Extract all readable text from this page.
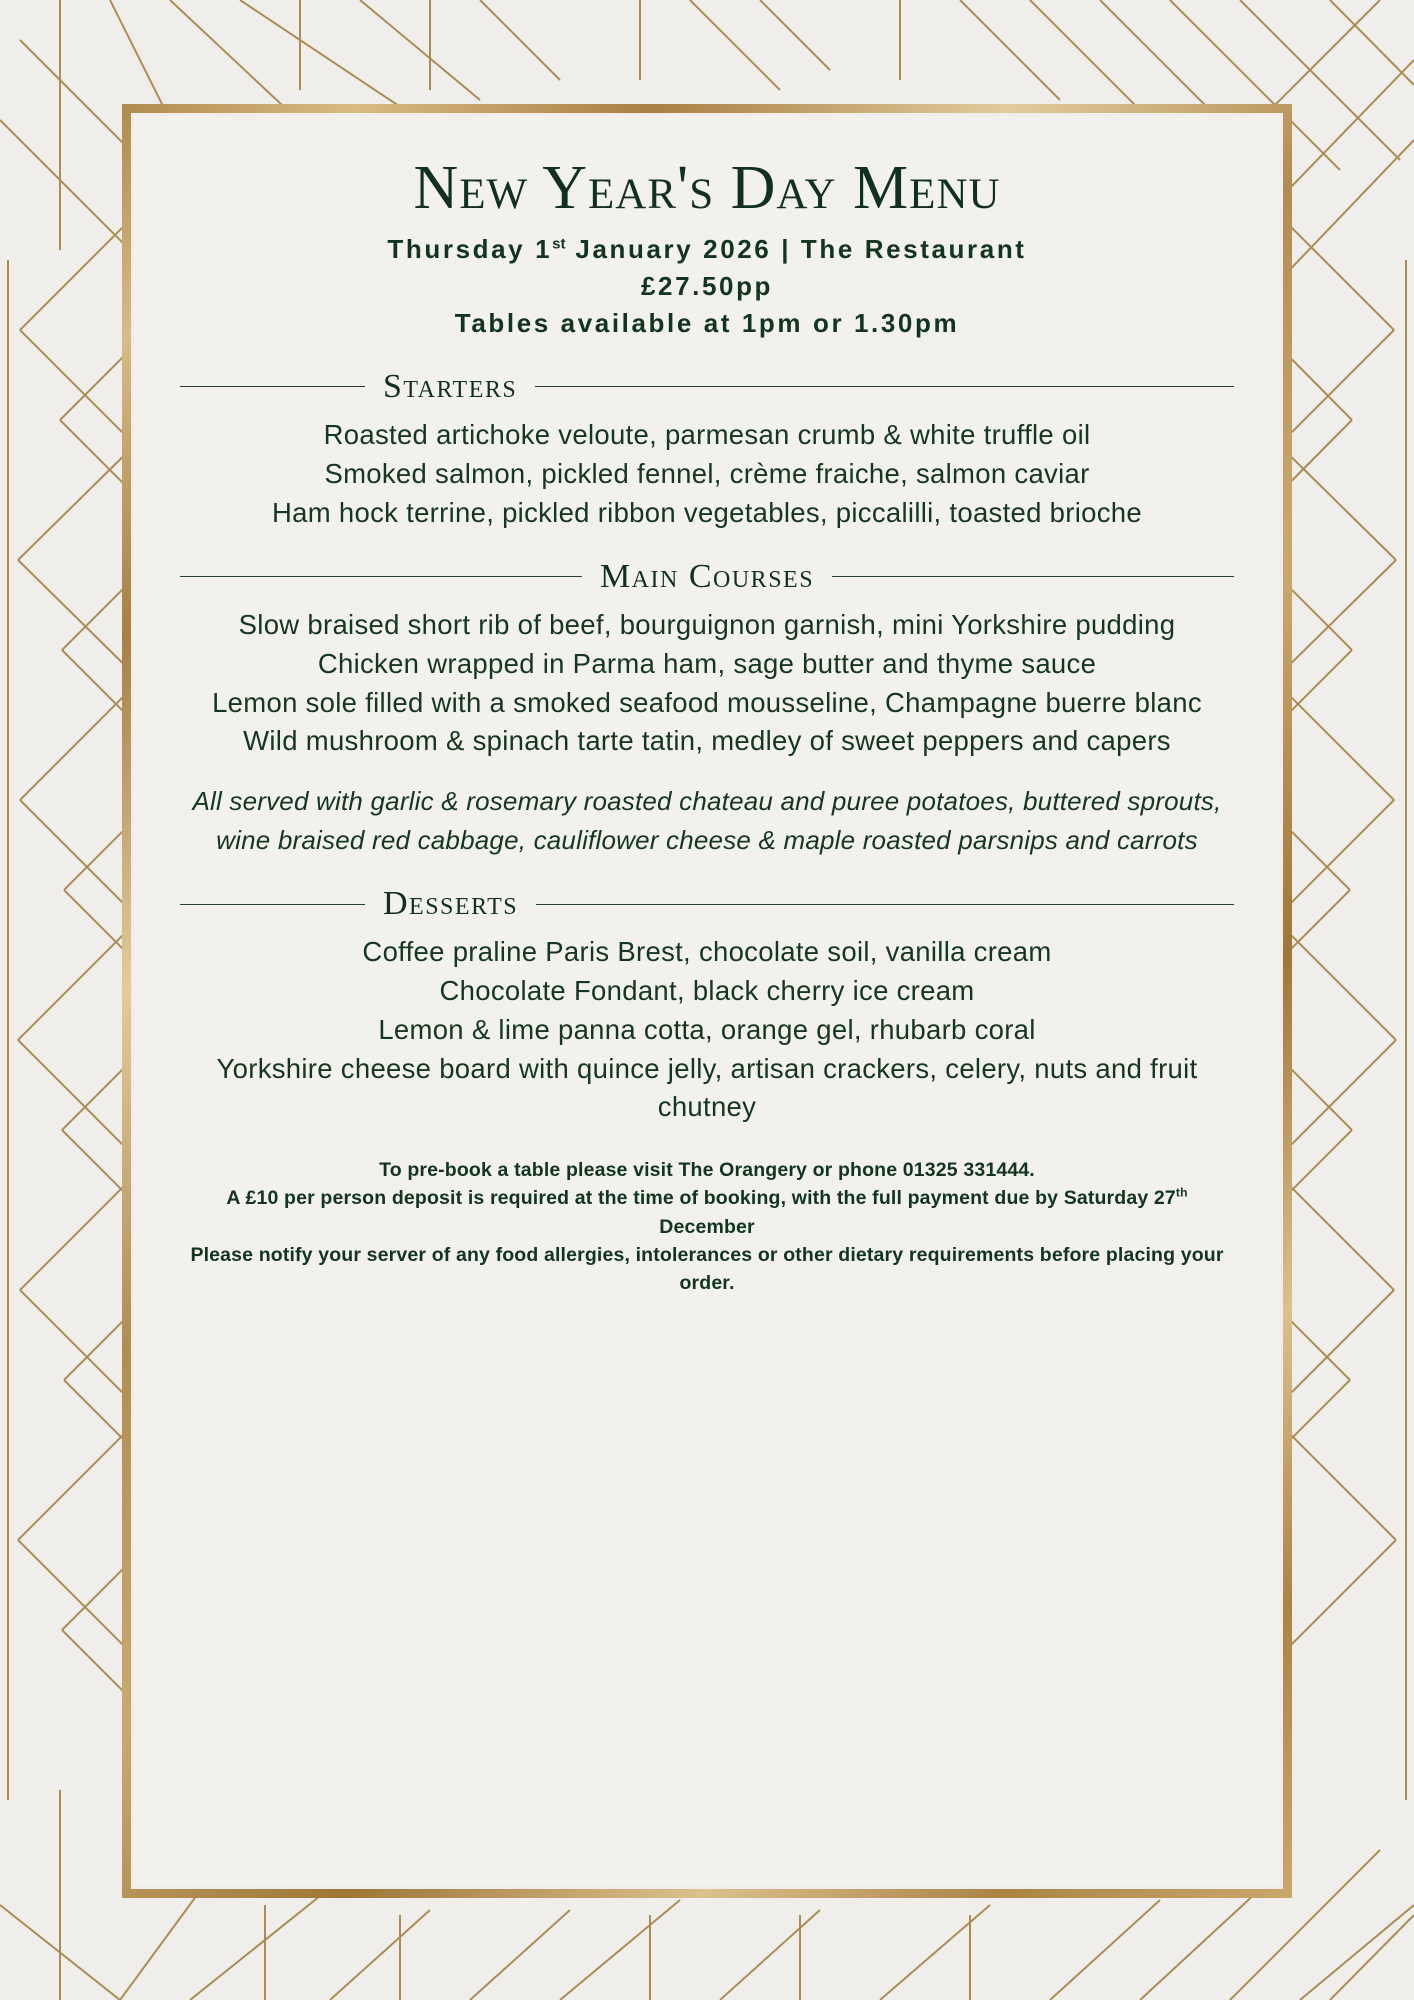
New Year's Day Menu
Thursday 1st January 2026 | The Restaurant
£27.50pp
Tables available at 1pm or 1.30pm
Starters

Roasted artichoke veloute, parmesan crumb & white truffle oil

Smoked salmon, pickled fennel, crème fraiche, salmon caviar

Ham hock terrine, pickled ribbon vegetables, piccalilli, toasted brioche

Main Courses

Slow braised short rib of beef, bourguignon garnish, mini Yorkshire pudding

Chicken wrapped in Parma ham, sage butter and thyme sauce

Lemon sole filled with a smoked seafood mousseline, Champagne buerre blanc

Wild mushroom & spinach tarte tatin, medley of sweet peppers and capers

All served with garlic & rosemary roasted chateau and puree potatoes, buttered sprouts, wine braised red cabbage, cauliflower cheese & maple roasted parsnips and carrots
Desserts

Coffee praline Paris Brest, chocolate soil, vanilla cream

Chocolate Fondant, black cherry ice cream

Lemon & lime panna cotta, orange gel, rhubarb coral

Yorkshire cheese board with quince jelly, artisan crackers, celery, nuts and fruit chutney

To pre-book a table please visit The Orangery or phone 01325 331444.

A £10 per person deposit is required at the time of booking, with the full payment due by Saturday 27th December

Please notify your server of any food allergies, intolerances or other dietary requirements before placing your order.
